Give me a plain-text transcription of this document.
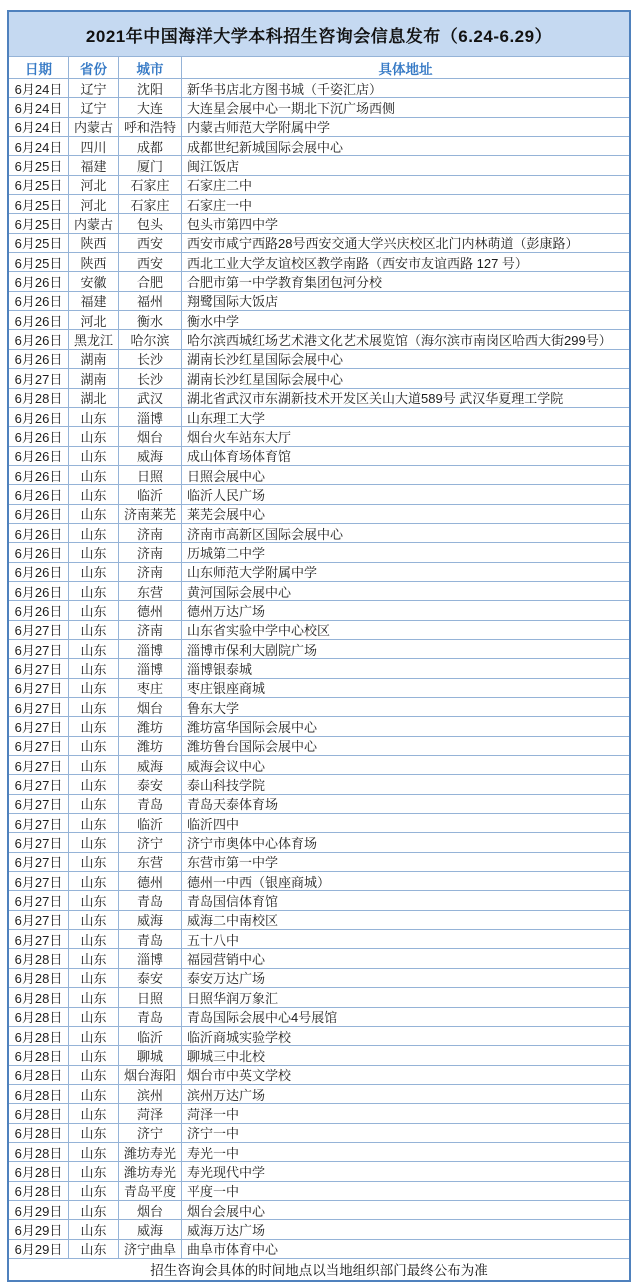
2021年中国海洋大学本科招生咨询会信息发布（6.24-6.29）
日期	省份	城市	具体地址
6月24日	辽宁	沈阳	新华书店北方图书城（千姿汇店）
6月24日	辽宁	大连	大连星会展中心一期北下沉广场西侧
6月24日 内蒙古 呼和浩特 内蒙古师范大学附属中学
6月24日	四川	成都	成都世纪新城国际会展中心
6月25日	福建	厦门	闽江饭店
6月25日	河北	石家庄	石家庄二中
6月25日	河北	石家庄	石家庄一中
6月25日 内蒙古	包头	包头市第四中学
6月25日	陕西	西安	西安市咸宁西路28号西安交通大学兴庆校区北门内林萌道（彭康路）
6月25日	陕西	西安	西北工业大学友谊校区教学南路（西安市友谊西路 127 号）
6月26日	安徽	合肥	合肥市第一中学教育集团包河分校
6月26日	福建	福州	翔鹭国际大饭店
6月26日	河北	衡水	衡水中学
6月26日 黑龙江	哈尔滨	哈尔滨西城红场艺术港文化艺术展览馆（海尔滨市南岗区哈西大街299号）
6月26日	湖南	长沙	湖南长沙红星国际会展中心
6月27日	湖南	长沙	湖南长沙红星国际会展中心
6月28日	湖北	武汉	湖北省武汉市东湖新技术开发区关山大道589号 武汉华夏理工学院
6月26日	山东	淄博	山东理工大学
6月26日	山东	烟台	烟台火车站东大厅
6月26日	山东	威海	成山体育场体育馆
6月26日	山东	日照	日照会展中心
6月26日	山东	临沂	临沂人民广场
6月26日	山东	济南莱芜 莱芜会展中心
6月26日	山东	济南	济南市高新区国际会展中心
6月26日	山东	济南	历城第二中学
6月26日	山东	济南	山东师范大学附属中学
6月26日	山东	东营	黄河国际会展中心
6月26日	山东	德州	德州万达广场
6月27日	山东	济南	山东省实验中学中心校区
6月27日	山东	淄博	淄博市保利大剧院广场
6月27日	山东	淄博	淄博银泰城
6月27日	山东	枣庄	枣庄银座商城
6月27日	山东	烟台	鲁东大学
6月27日	山东	潍坊	潍坊富华国际会展中心
6月27日	山东	潍坊	潍坊鲁台国际会展中心
6月27日	山东	威海	威海会议中心
6月27日	山东	泰安	泰山科技学院
6月27日	山东	青岛	青岛天泰体育场
6月27日	山东	临沂	临沂四中
6月27日	山东	济宁	济宁市奥体中心体育场
6月27日	山东	东营	东营市第一中学
6月27日	山东	德州	德州一中西（银座商城）
6月27日	山东	青岛	青岛国信体育馆
6月27日	山东	威海	威海二中南校区
6月27日	山东	青岛	五十八中
6月28日	山东	淄博	福园营销中心
6月28日	山东	泰安	泰安万达广场
6月28日	山东	日照	日照华润万象汇
6月28日	山东	青岛	青岛国际会展中心4号展馆
6月28日	山东	临沂	临沂商城实验学校
6月28日	山东	聊城	聊城三中北校
6月28日	山东	烟台海阳 烟台市中英文学校
6月28日	山东	滨州	滨州万达广场
6月28日	山东	菏泽	菏泽一中
6月28日	山东	济宁	济宁一中
6月28日	山东	潍坊寿光 寿光一中
6月28日	山东	潍坊寿光 寿光现代中学
6月28日	山东	青岛平度 平度一中
6月29日	山东	烟台	烟台会展中心
6月29日	山东	威海	威海万达广场
6月29日	山东	济宁曲阜 曲阜市体育中心
招生咨询会具体的时间地点以当地组织部门最终公布为准
